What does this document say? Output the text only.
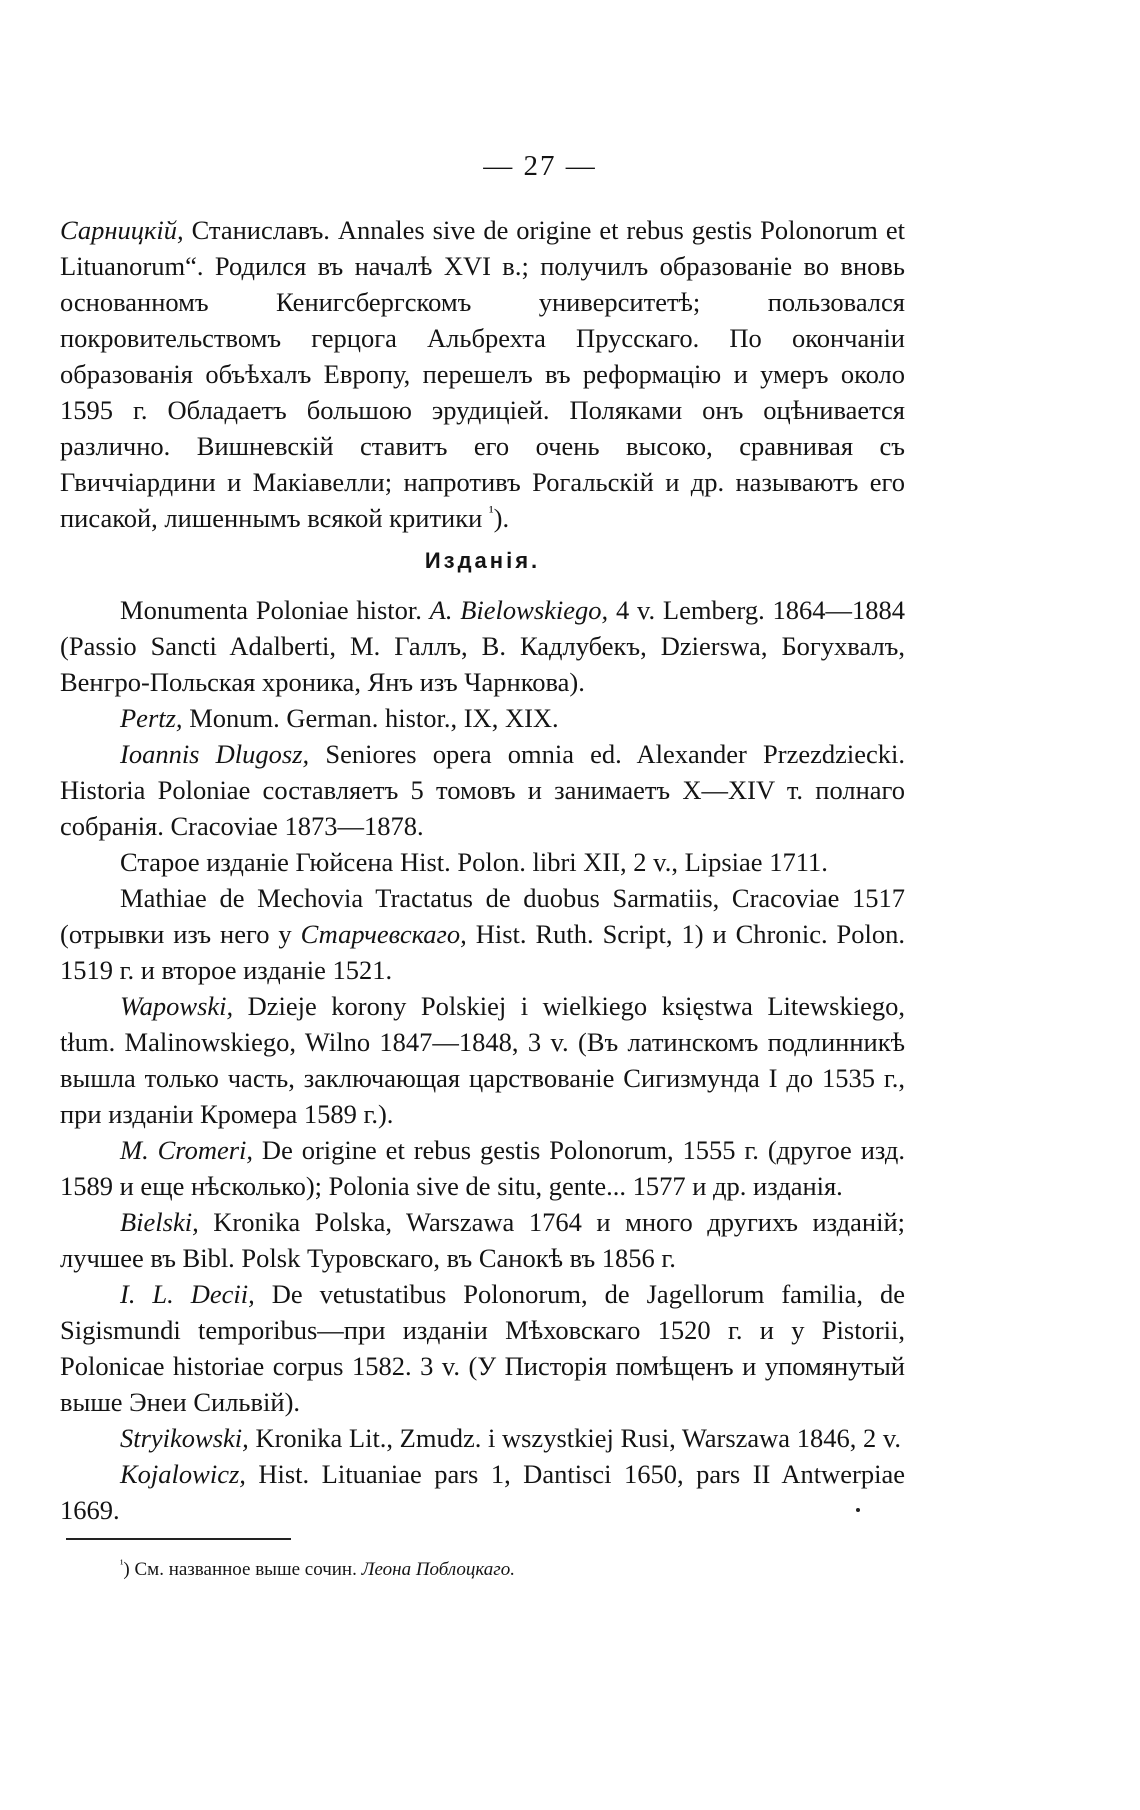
— 27 —

Сарницкій, Станиславъ. Annales sive de origine et rebus gestis Polonorum et Lituanorum“. Родился въ началѣ XVI в.; получилъ образованіе во вновь основанномъ Кенигсбергскомъ университетѣ; пользовался покровительствомъ герцога Альбрехта Прусскаго. По окончаніи образованія объѣхалъ Европу, перешелъ въ реформацію и умеръ около 1595 г. Обладаетъ большою эрудиціей. Поляками онъ оцѣнивается различно. Вишневскій ставитъ его очень высоко, сравнивая съ Гвиччіардини и Макіавелли; напротивъ Рогальскій и др. называютъ его писакой, лишеннымъ всякой критики $^{^1}$).

Изданія.

Monumenta Poloniae histor. A. Bielowskiego, 4 v. Lemberg. 1864—1884 (Passio Sancti Adalberti, M. Галлъ, B. Кадлубекъ, Dzierswa, Богухвалъ, Венгро-Польская хроника, Янъ изъ Чарнкова).

Pertz, Monum. German. histor., IX, XIX.

Ioannis Dlugosz, Seniores opera omnia ed. Alexander Przezdziecki. Historia Poloniae составляетъ 5 томовъ и занимаетъ X—XIV т. полнаго собранія. Cracoviae 1873—1878.

Старое изданіе Гюйсена Hist. Polon. libri XII, 2 v., Lipsiae 1711.

Mathiae de Mechovia Tractatus de duobus Sarmatiis, Cracoviae 1517 (отрывки изъ него у Старчевскаго, Hist. Ruth. Script, 1) и Chronic. Polon. 1519 г. и второе изданіе 1521.

Wapowski, Dzieje korony Polskiej i wielkiego księstwa Litewskiego, tłum. Malinowskiego, Wilno 1847—1848, 3 v. (Въ латинскомъ подлинникѣ вышла только часть, заключающая царствованіе Сигизмунда I до 1535 г., при изданіи Кромера 1589 г.).

M. Cromeri, De origine et rebus gestis Polonorum, 1555 г. (другое изд. 1589 и еще нѣсколько); Polonia sive de situ, gente... 1577 и др. изданія.

Bielski, Kronika Polska, Warszawa 1764 и много другихъ изданій; лучшее въ Bibl. Polsk Туровскаго, въ Санокѣ въ 1856 г.

I. L. Decii, De vetustatibus Polonorum, de Jagellorum familia, de Sigismundi temporibus—при изданіи Мѣховскаго 1520 г. и у Pistorii, Polonicae historiae corpus 1582. 3 v. (У Писторія помѣщенъ и упомянутый выше Энеи Сильвій).

Stryikowski, Kronika Lit., Zmudz. i wszystkiej Rusi, Warszawa 1846, 2 v.

Kojalowicz, Hist. Lituaniae pars 1, Dantisci 1650, pars II Antwerpiae 1669.

$^{^1}$) См. названное выше сочин. Леона Поблоцкаго.
